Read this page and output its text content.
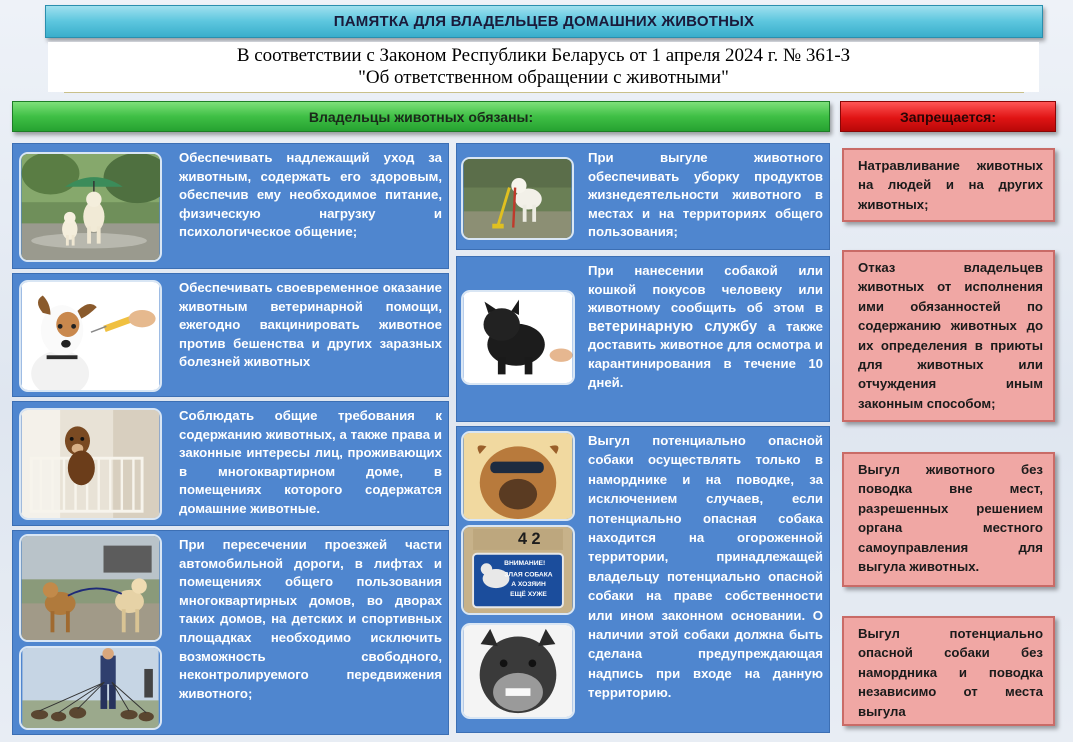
ПАМЯТКА ДЛЯ ВЛАДЕЛЬЦЕВ ДОМАШНИХ ЖИВОТНЫХ
В соответствии с Законом Республики Беларусь от 1 апреля 2024 г. № 361-З
"Об ответственном обращении с животными"
Владельцы животных обязаны:	Запрещается:
Обеспечивать надлежащий уход за животным, содержать его здоровым, обеспечив ему необходимое питание, физическую нагрузку и психологическое общение;
Обеспечивать своевременное оказание животным ветеринарной помощи, ежегодно вакцинировать животное против бешенства и других заразных болезней животных
Соблюдать общие требования к содержанию животных, а также права и законные интересы лиц, проживающих в многоквартирном доме, в помещениях которого содержатся домашние животные.
При пересечении проезжей части автомобильной дороги, в лифтах и помещениях общего пользования многоквартирных домов, во дворах таких домов, на детских и спортивных площадках необходимо исключить возможность свободного, неконтролируемого передвижения животного;
При выгуле животного обеспечивать уборку продуктов жизнедеятельности животного в местах и на территориях общего пользования;
При нанесении собакой или кошкой покусов человеку или животному сообщить об этом в ветеринарную службу а также доставить животное для осмотра и карантинирования в течение 10 дней.
4 2
ВНИМАНИЕ!
ЗЛАЯ СОБАКА
А ХОЗЯИН
ЕЩЁ ХУЖЕ
Выгул потенциально опасной собаки осуществлять только в наморднике и на поводке, за исключением случаев, если потенциально опасная собака находится на огороженной территории, принадлежащей владельцу потенциально опасной собаки на праве собственности или ином законном основании. О наличии этой собаки должна быть сделана предупреждающая надпись при входе на данную территорию.
Натравливание животных на людей и на других животных;
Отказ владельцев животных от исполнения ими обязанностей по содержанию животных до их определения в приюты для животных или отчуждения иным законным способом;
Выгул животного без поводка вне мест, разрешенных решением органа местного самоуправления для выгула животных.
Выгул потенциально опасной собаки без намордника и поводка независимо от места выгула
